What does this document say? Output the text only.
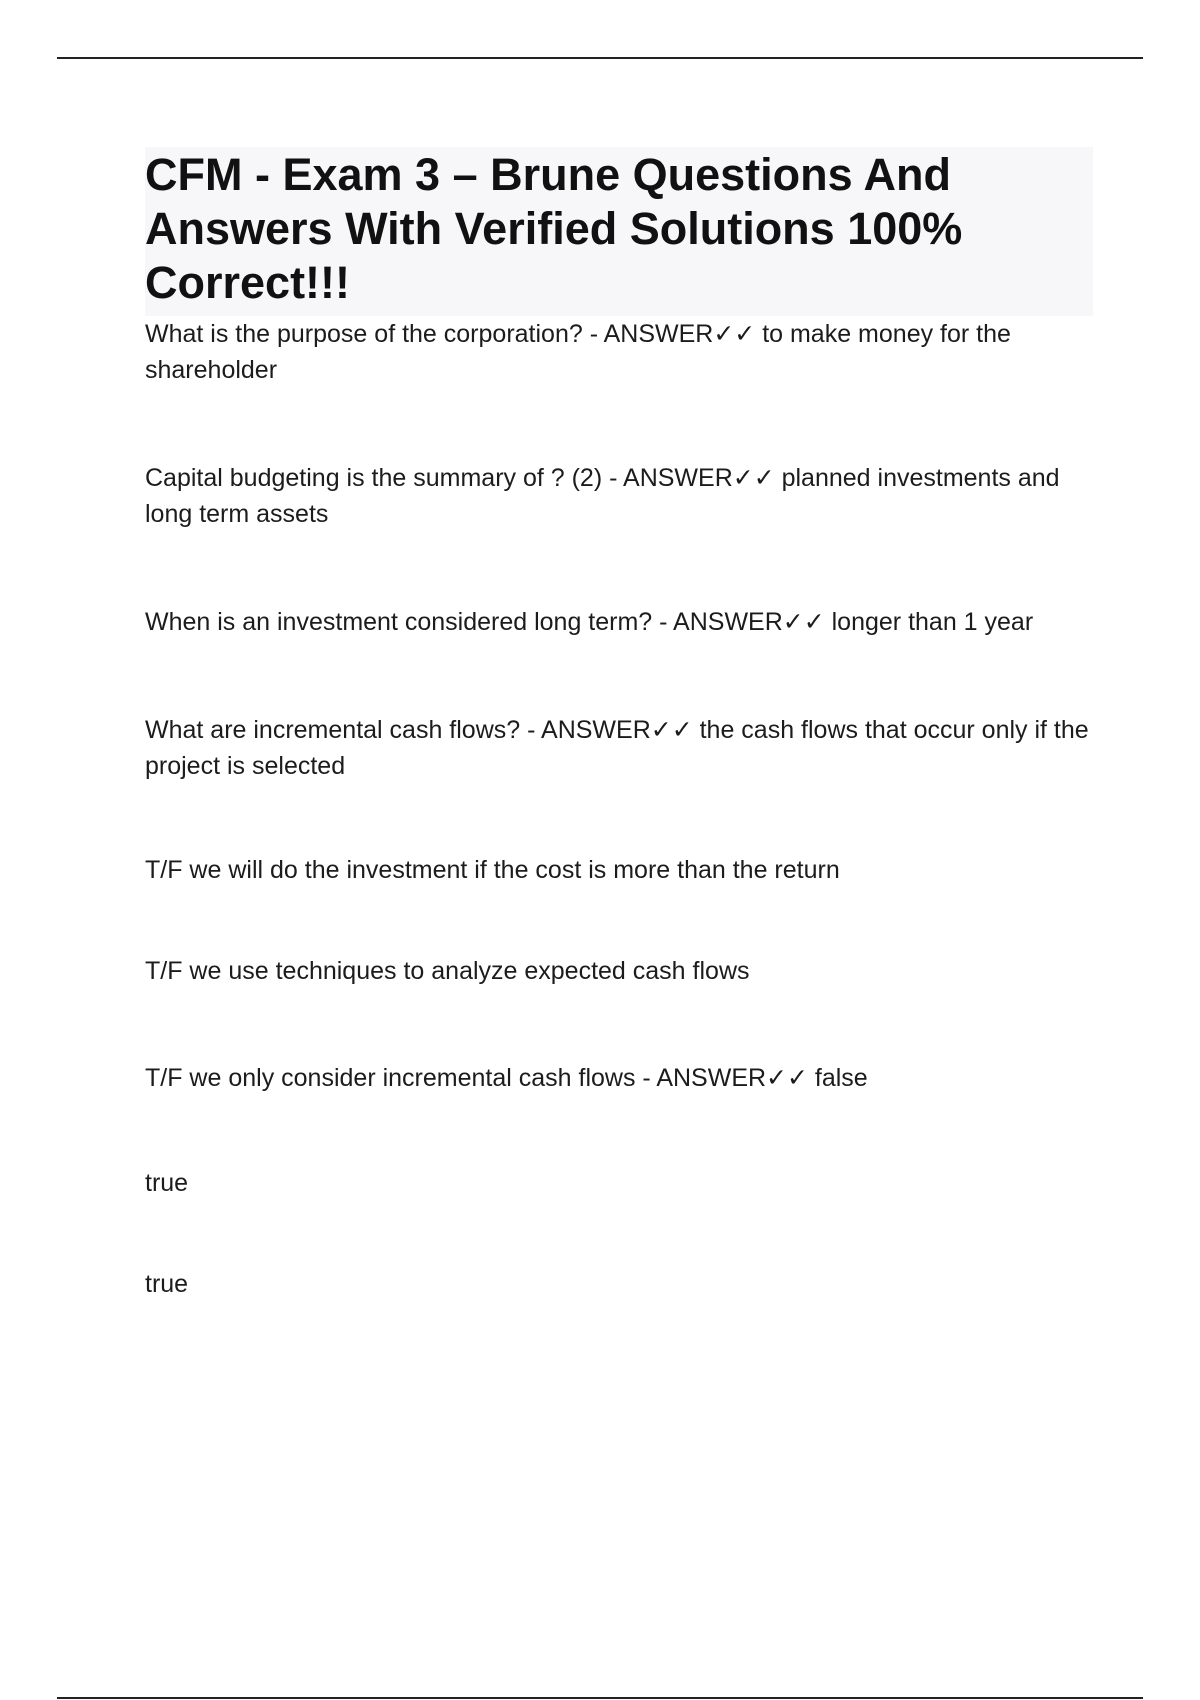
CFM - Exam 3 – Brune Questions And Answers With Verified Solutions 100% Correct!!!

What is the purpose of the corporation? - ANSWER✓✓ to make money for the shareholder

Capital budgeting is the summary of ? (2) - ANSWER✓✓ planned investments and long term assets

When is an investment considered long term? - ANSWER✓✓ longer than 1 year

What are incremental cash flows? - ANSWER✓✓ the cash flows that occur only if the project is selected

T/F we will do the investment if the cost is more than the return

T/F we use techniques to analyze expected cash flows

T/F we only consider incremental cash flows - ANSWER✓✓ false

true

true
